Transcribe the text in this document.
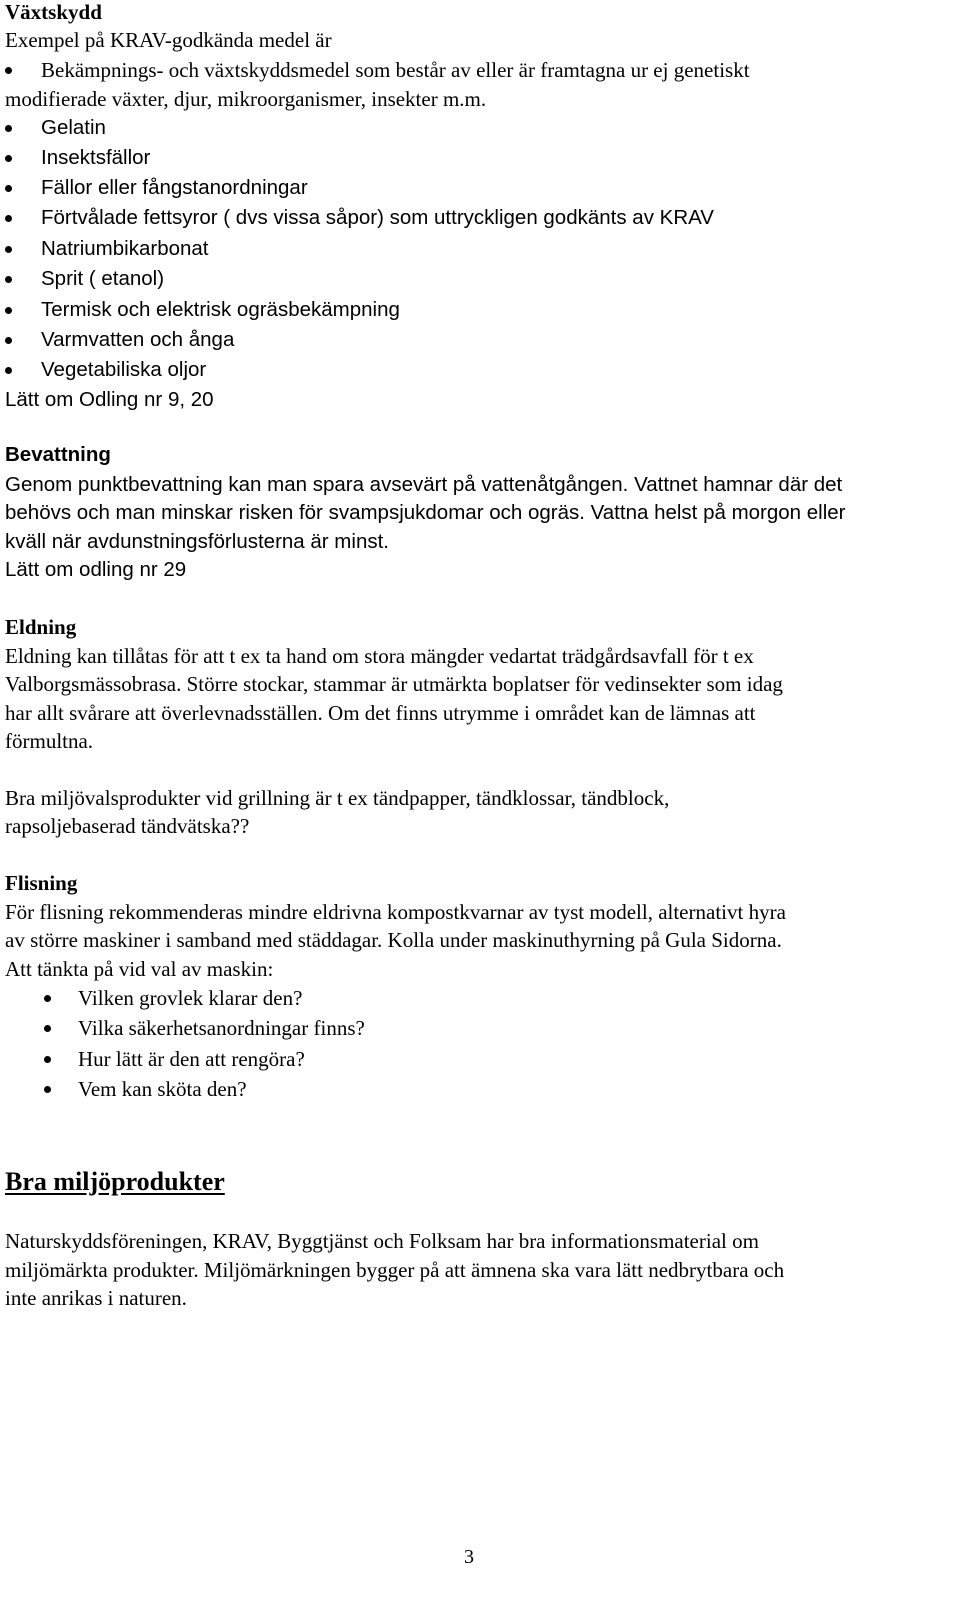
Växtskydd
Exempel på KRAV-godkända medel är
Bekämpnings- och växtskyddsmedel som består av eller är framtagna ur ej genetiskt
modifierade växter, djur, mikroorganismer, insekter m.m.
Gelatin
Insektsfällor
Fällor eller fångstanordningar
Förtvålade fettsyror ( dvs vissa såpor) som uttryckligen godkänts av KRAV
Natriumbikarbonat
Sprit ( etanol)
Termisk och elektrisk ogräsbekämpning
Varmvatten och ånga
Vegetabiliska oljor
Lätt om Odling nr 9, 20
Bevattning
Genom punktbevattning kan man spara avsevärt på vattenåtgången. Vattnet hamnar där det
behövs och man minskar risken för svampsjukdomar och ogräs. Vattna helst på morgon eller
kväll när avdunstningsförlusterna är minst.
Lätt om odling nr 29
Eldning
Eldning kan tillåtas för att t ex ta hand om stora mängder vedartat trädgårdsavfall för t ex
Valborgsmässobrasa. Större stockar, stammar är utmärkta boplatser för vedinsekter som idag
har allt svårare att överlevnadsställen. Om det finns utrymme i området kan de lämnas att
förmultna.
Bra miljövalsprodukter vid grillning är t ex tändpapper, tändklossar, tändblock,
rapsoljebaserad tändvätska??
Flisning
För flisning rekommenderas mindre eldrivna kompostkvarnar av tyst modell, alternativt hyra
av större maskiner i samband med städdagar. Kolla under maskinuthyrning på Gula Sidorna.
Att tänkta på vid val av maskin:
Vilken grovlek klarar den?
Vilka säkerhetsanordningar finns?
Hur lätt är den att rengöra?
Vem kan sköta den?
Bra miljöprodukter
Naturskyddsföreningen, KRAV, Byggtjänst och Folksam har bra informationsmaterial om
miljömärkta produkter. Miljömärkningen bygger på att ämnena ska vara lätt nedbrytbara och
inte anrikas i naturen.
3
